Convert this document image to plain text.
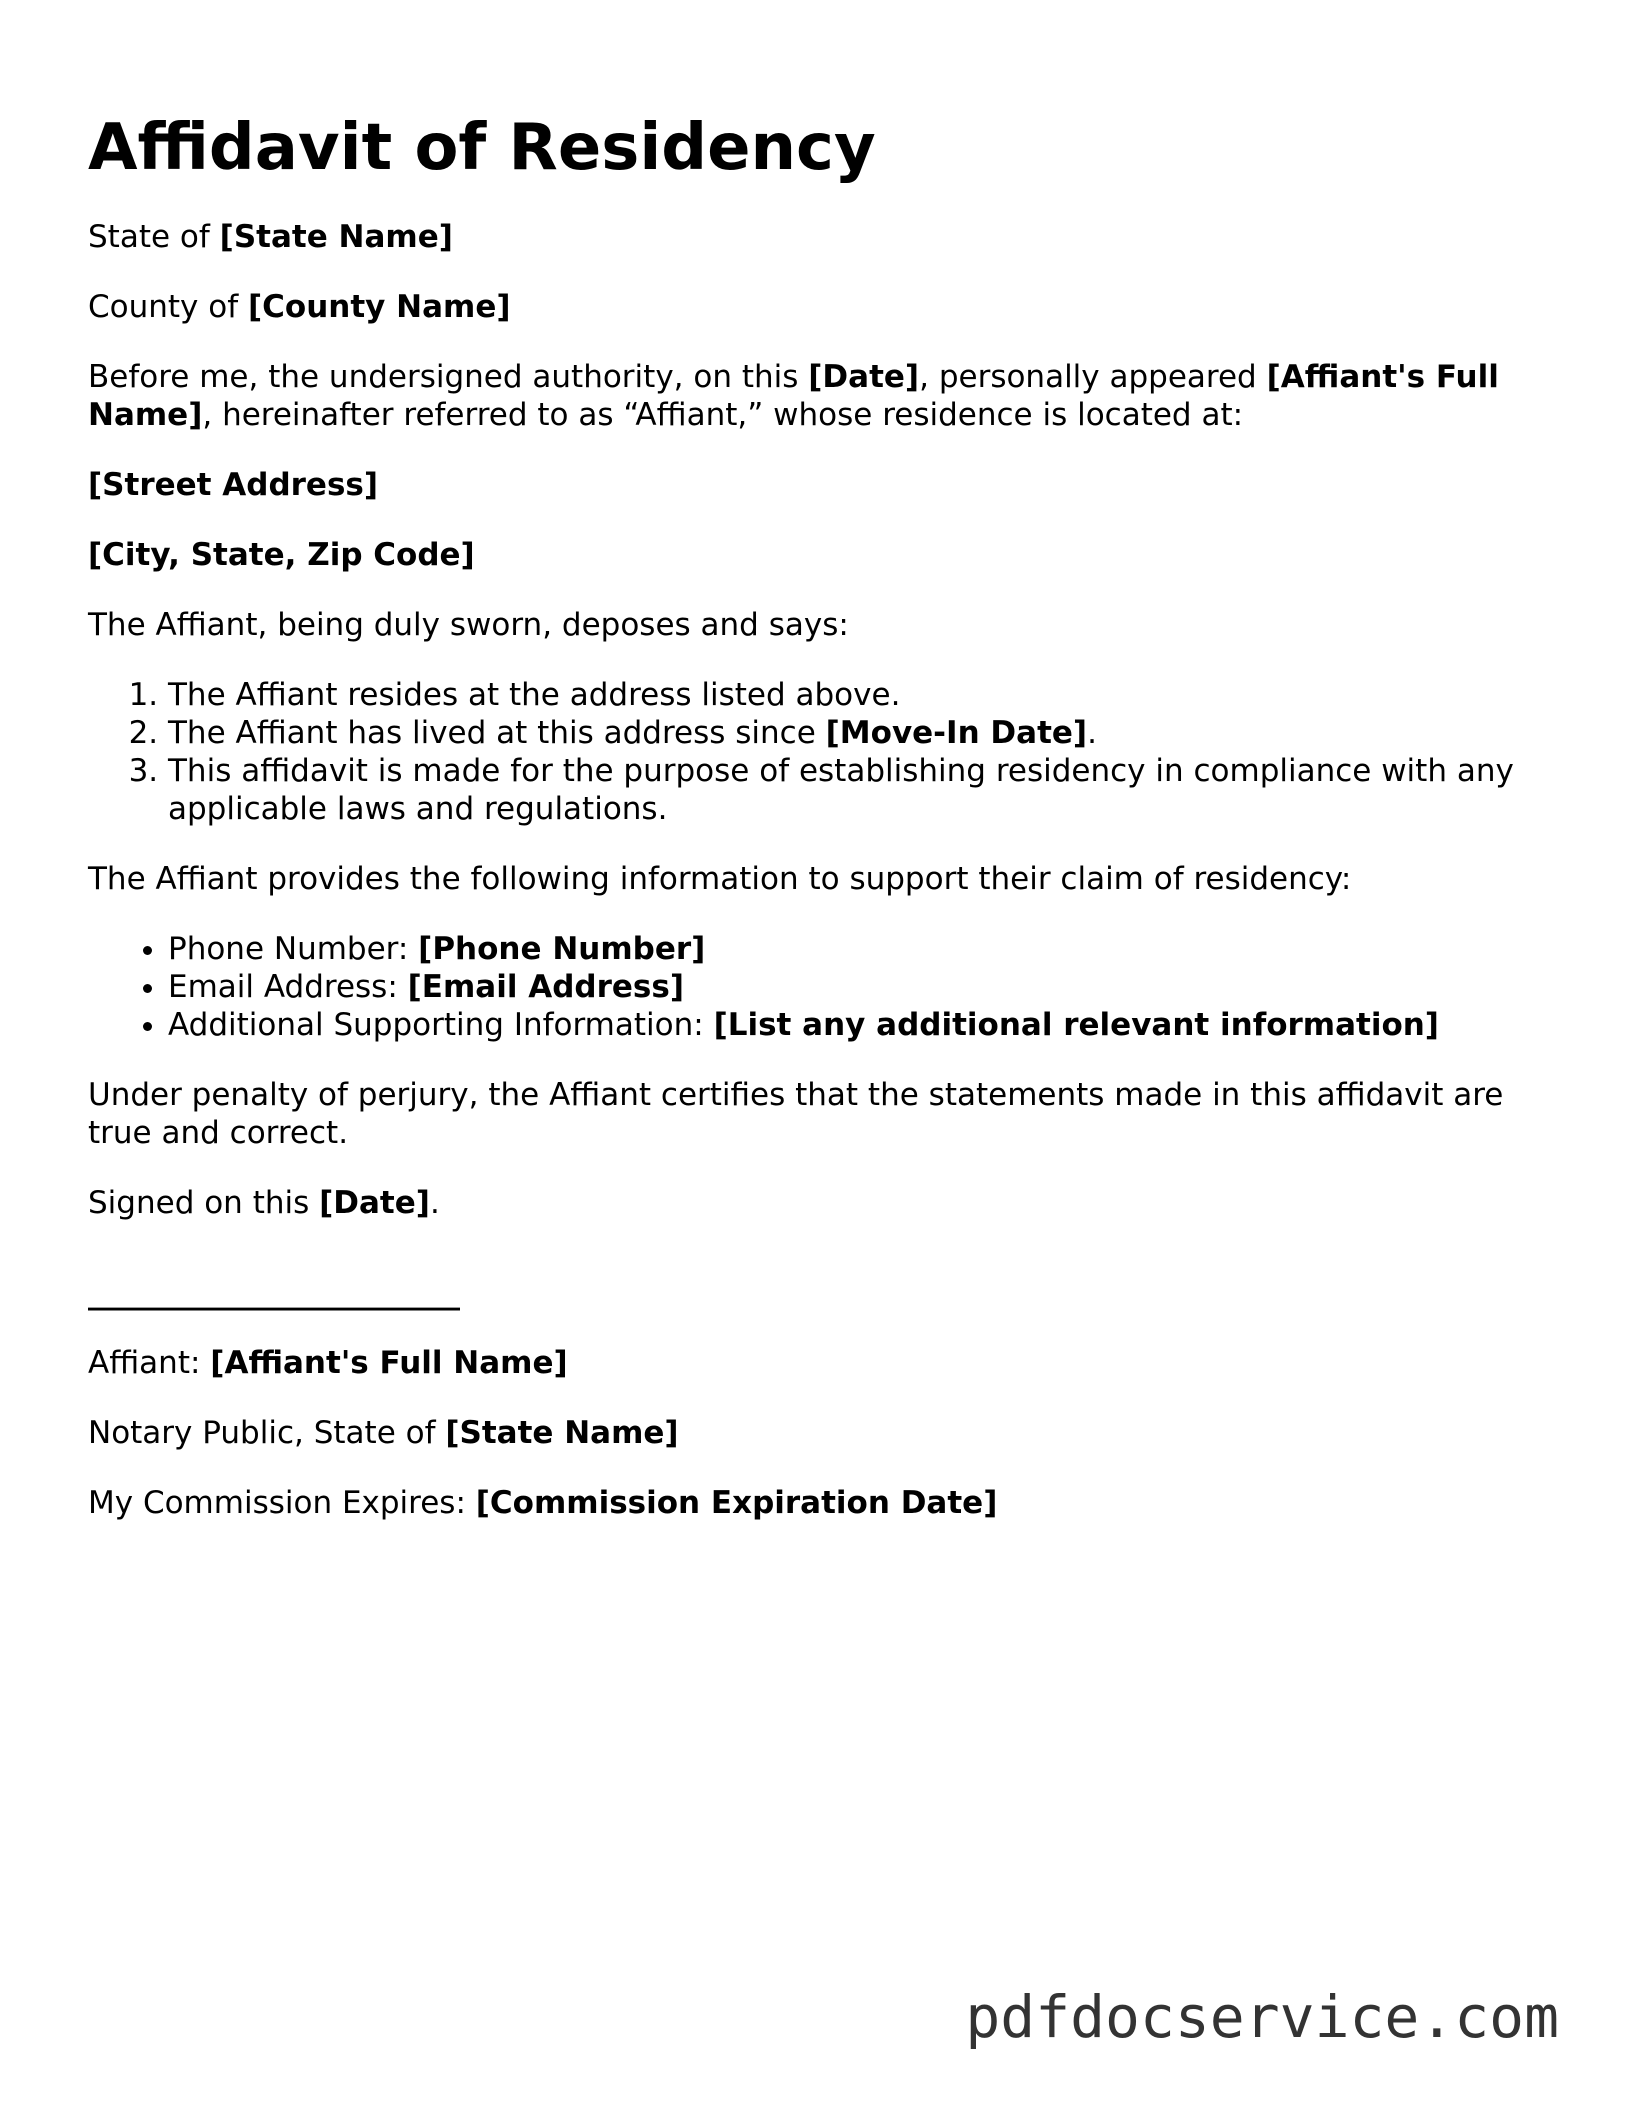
Affidavit of Residency

State of [State Name]

County of [County Name]

Before me, the undersigned authority, on this [Date], personally appeared [Affiant's Full Name], hereinafter referred to as “Affiant,” whose residence is located at:

[Street Address]

[City, State, Zip Code]

The Affiant, being duly sworn, deposes and says:

1. The Affiant resides at the address listed above.
2. The Affiant has lived at this address since [Move-In Date].
3. This affidavit is made for the purpose of establishing residency in compliance with any applicable laws and regulations.

The Affiant provides the following information to support their claim of residency:

• Phone Number: [Phone Number]
• Email Address: [Email Address]
• Additional Supporting Information: [List any additional relevant information]

Under penalty of perjury, the Affiant certifies that the statements made in this affidavit are true and correct.

Signed on this [Date].

________________________

Affiant: [Affiant's Full Name]

Notary Public, State of [State Name]

My Commission Expires: [Commission Expiration Date]

pdfdocservice.com
